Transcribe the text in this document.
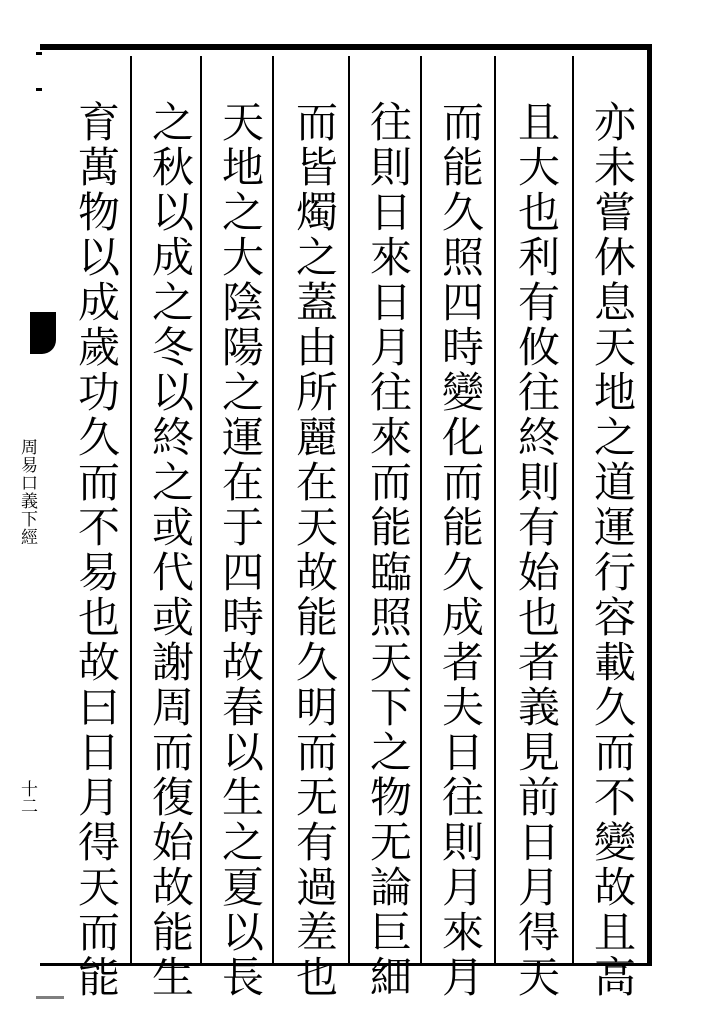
亦未嘗休息天地之道運行容載久而不變故且高
且大也利有攸往終則有始也者義見前日月得天
而能久照四時變化而能久成者夫日往則月來月
往則日來日月往來而能臨照天下之物无論巨細
而皆燭之蓋由所麗在天故能久明而无有過差也
天地之大陰陽之運在于四時故春以生之夏以長
之秋以成之冬以終之或代或謝周而復始故能生
育萬物以成歲功久而不易也故曰日月得天而能
周易口義下經
十二
